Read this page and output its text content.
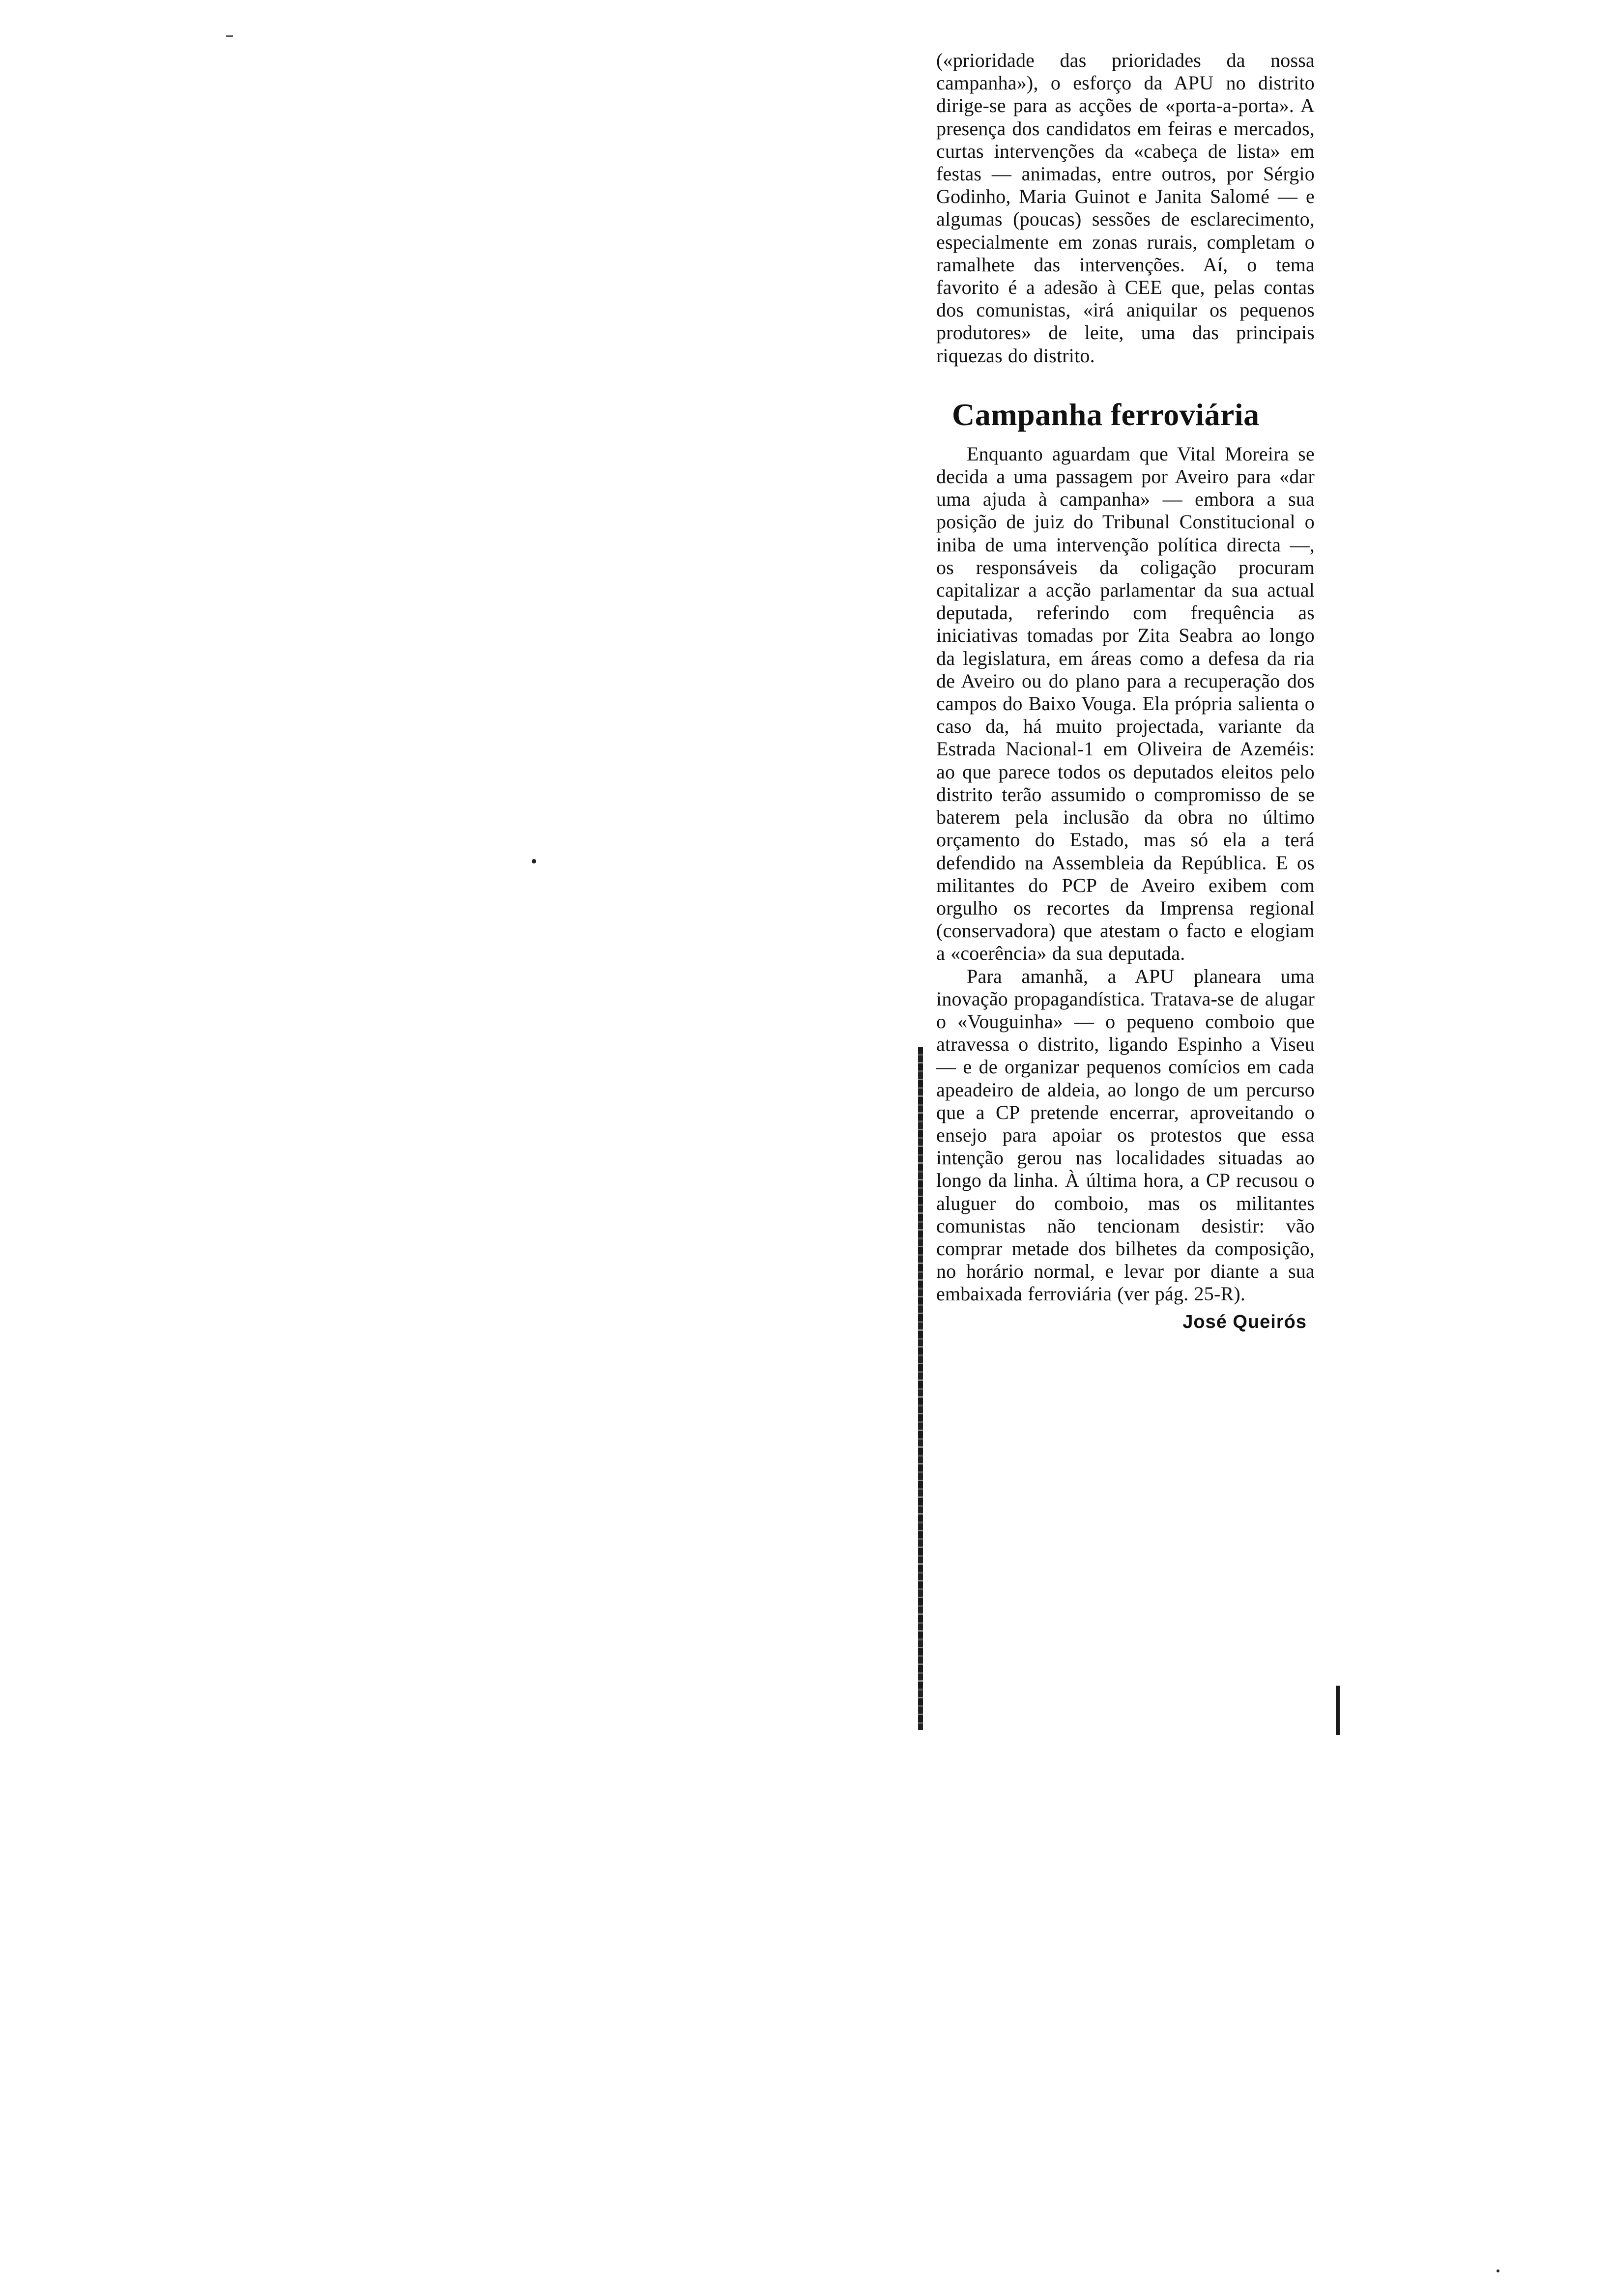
(«prioridade das prioridades da nossa campanha»), o esforço da APU no distrito dirige-se para as acções de «porta-a-porta». A presença dos candidatos em feiras e mercados, curtas intervenções da «cabeça de lista» em festas — animadas, entre outros, por Sérgio Godinho, Maria Guinot e Janita Salomé — e algumas (poucas) sessões de esclarecimento, especialmente em zonas rurais, completam o ramalhete das intervenções. Aí, o tema favorito é a adesão à CEE que, pelas contas dos comunistas, «irá aniquilar os pequenos produtores» de leite, uma das principais riquezas do distrito.

Campanha ferroviária

Enquanto aguardam que Vital Moreira se decida a uma passagem por Aveiro para «dar uma ajuda à campanha» — embora a sua posição de juiz do Tribunal Constitucional o iniba de uma intervenção política directa —, os responsáveis da coligação procuram capitalizar a acção parlamentar da sua actual deputada, referindo com frequência as iniciativas tomadas por Zita Seabra ao longo da legislatura, em áreas como a defesa da ria de Aveiro ou do plano para a recuperação dos campos do Baixo Vouga. Ela própria salienta o caso da, há muito projectada, variante da Estrada Nacional-1 em Oliveira de Azeméis: ao que parece todos os deputados eleitos pelo distrito terão assumido o compromisso de se baterem pela inclusão da obra no último orçamento do Estado, mas só ela a terá defendido na Assembleia da República. E os militantes do PCP de Aveiro exibem com orgulho os recortes da Imprensa regional (conservadora) que atestam o facto e elogiam a «coerência» da sua deputada.

Para amanhã, a APU planeara uma inovação propagandística. Tratava-se de alugar o «Vouguinha» — o pequeno comboio que atravessa o distrito, ligando Espinho a Viseu — e de organizar pequenos comícios em cada apeadeiro de aldeia, ao longo de um percurso que a CP pretende encerrar, aproveitando o ensejo para apoiar os protestos que essa intenção gerou nas localidades situadas ao longo da linha. À última hora, a CP recusou o aluguer do comboio, mas os militantes comunistas não tencionam desistir: vão comprar metade dos bilhetes da composição, no horário normal, e levar por diante a sua embaixada ferroviária (ver pág. 25-R).

José Queirós
